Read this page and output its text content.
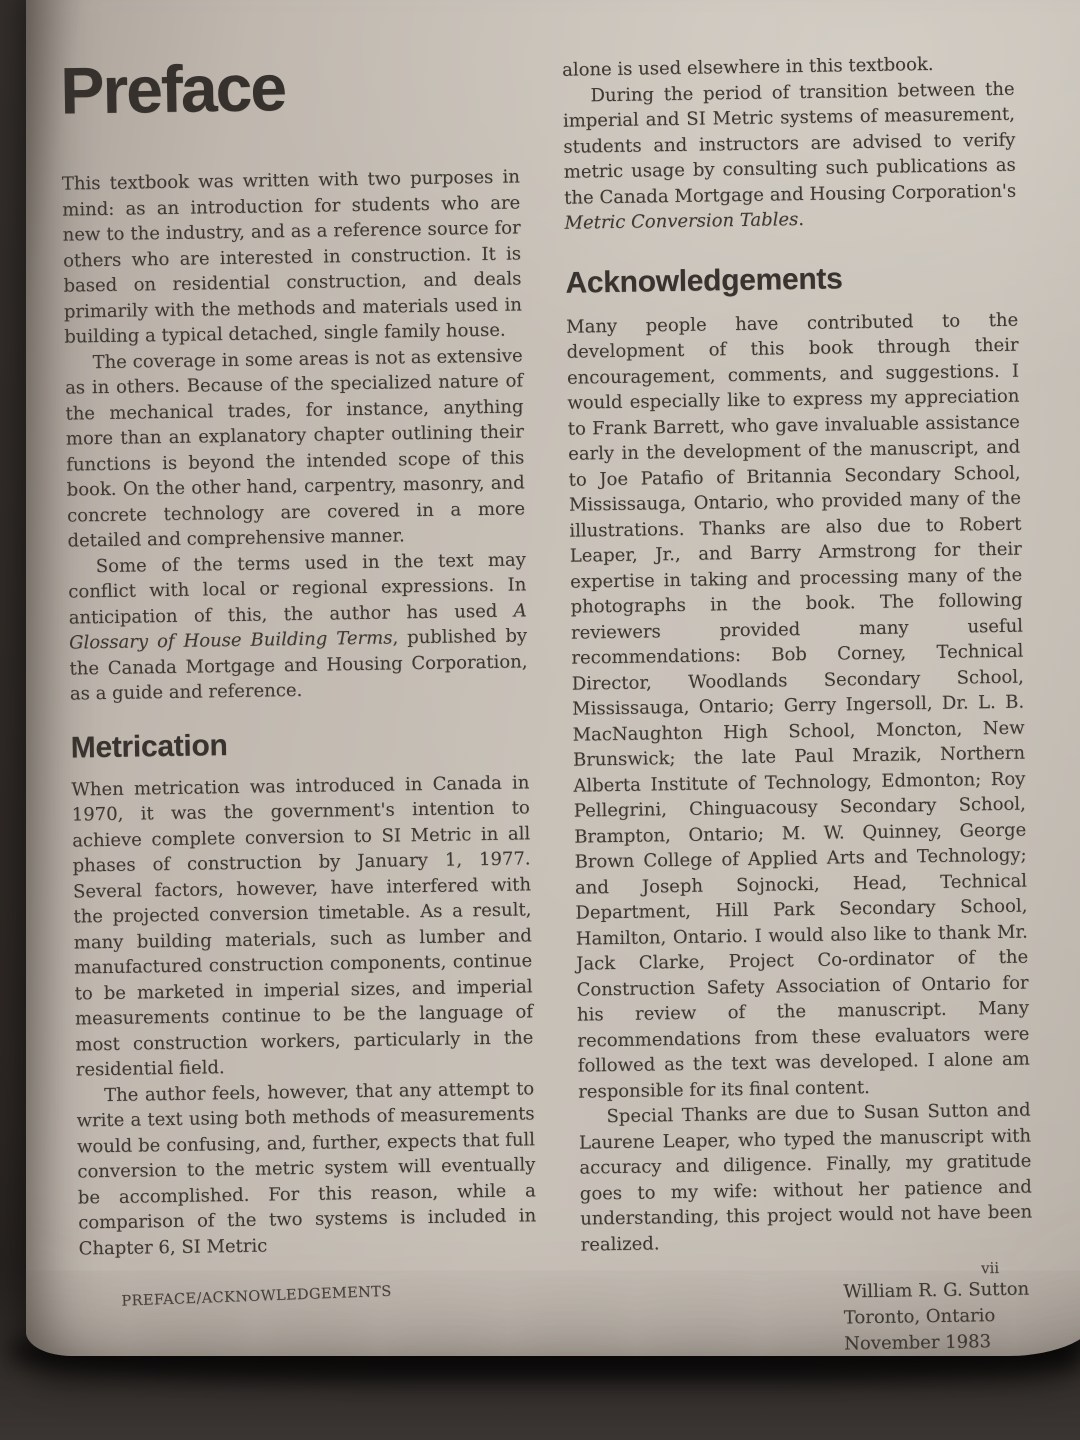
Preface

This textbook was written with two purposes in mind: as an introduction for students who are new to the industry, and as a reference source for others who are interested in construction. It is based on residential construction, and deals primarily with the methods and materials used in building a typical detached, single family house.

The coverage in some areas is not as extensive as in others. Because of the specialized nature of the mechanical trades, for instance, anything more than an explanatory chapter outlining their functions is beyond the intended scope of this book. On the other hand, carpentry, masonry, and concrete technology are covered in a more detailed and comprehensive manner.

Some of the terms used in the text may conflict with local or regional expressions. In anticipation of this, the author has used A Glossary of House Building Terms, published by the Canada Mortgage and Housing Corporation, as a guide and reference.

Metrication

When metrication was introduced in Canada in 1970, it was the government's intention to achieve complete conversion to SI Metric in all phases of construction by January 1, 1977. Several factors, however, have interfered with the projected conversion timetable. As a result, many building materials, such as lumber and manufactured construction components, continue to be marketed in imperial sizes, and imperial measurements continue to be the language of most construction workers, particularly in the residential field.

The author feels, however, that any attempt to write a text using both methods of measurements would be confusing, and, further, expects that full conversion to the metric system will eventually be accomplished. For this reason, while a comparison of the two systems is included in Chapter 6, SI Metric

alone is used elsewhere in this textbook.

During the period of transition between the imperial and SI Metric systems of measurement, students and instructors are advised to verify metric usage by consulting such publications as the Canada Mortgage and Housing Corporation's Metric Conversion Tables.

Acknowledgements

Many people have contributed to the development of this book through their encouragement, comments, and suggestions. I would especially like to express my appreciation to Frank Barrett, who gave invaluable assistance early in the development of the manuscript, and to Joe Patafio of Britannia Secondary School, Mississauga, Ontario, who provided many of the illustrations. Thanks are also due to Robert Leaper, Jr., and Barry Armstrong for their expertise in taking and processing many of the photographs in the book. The following reviewers provided many useful recommendations: Bob Corney, Technical Director, Woodlands Secondary School, Mississauga, Ontario; Gerry Ingersoll, Dr. L. B. MacNaughton High School, Moncton, New Brunswick; the late Paul Mrazik, Northern Alberta Institute of Technology, Edmonton; Roy Pellegrini, Chinguacousy Secondary School, Brampton, Ontario; M. W. Quinney, George Brown College of Applied Arts and Technology; and Joseph Sojnocki, Head, Technical Department, Hill Park Secondary School, Hamilton, Ontario. I would also like to thank Mr. Jack Clarke, Project Co-ordinator of the Construction Safety Association of Ontario for his review of the manuscript. Many recommendations from these evaluators were followed as the text was developed. I alone am responsible for its final content.

Special Thanks are due to Susan Sutton and Laurene Leaper, who typed the manuscript with accuracy and diligence. Finally, my gratitude goes to my wife: without her patience and understanding, this project would not have been realized.

William R. G. Sutton
Toronto, Ontario
November 1983
PREFACE/ACKNOWLEDGEMENTS
vii
